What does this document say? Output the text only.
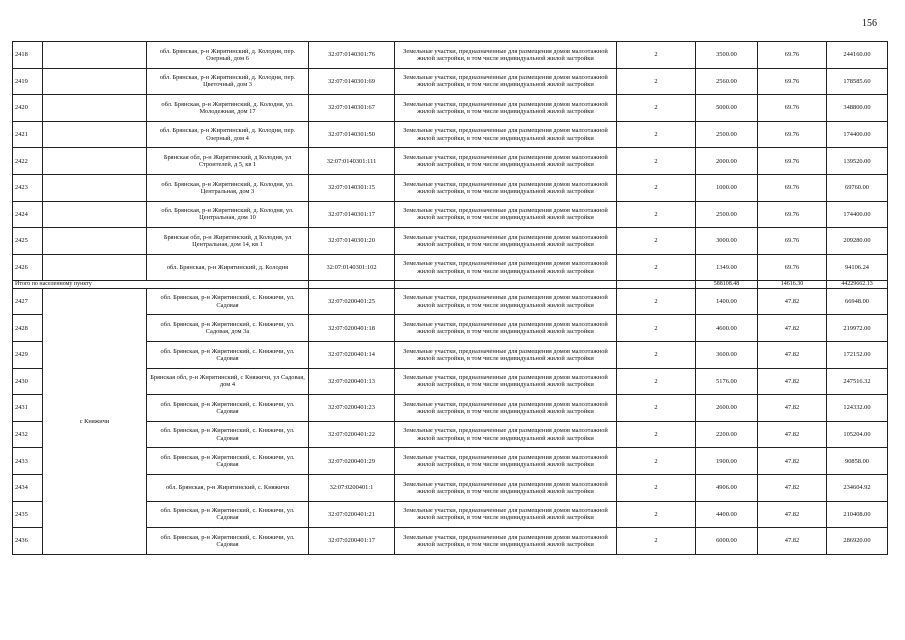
156
2418		обл. Брянская, р-н Жирятинский, д. Колодня, пер. Озерный, дом 6	32:07:0140301:76	Земельные участки, предназначенные для размещения домов малоэтажной жилой застройки, в том числе индивидуальной жилой застройки	2	3500.00	69.76	244160.00
2419		обл. Брянская, р-н Жирятинский, д. Колодня, пер. Цветочный, дом 3	32:07:0140301:69	Земельные участки, предназначенные для размещения домов малоэтажной жилой застройки, в том числе индивидуальной жилой застройки	2	2560.00	69.76	178585.60
2420		обл. Брянская, р-н Жирятинский, д. Колодня, ул. Молодежная, дом 17	32:07:0140301:67	Земельные участки, предназначенные для размещения домов малоэтажной жилой застройки, в том числе индивидуальной жилой застройки	2	5000.00	69.76	348800.00
2421		обл. Брянская, р-н Жирятинский, д. Колодня, пер. Озерный, дом 4	32:07:0140301:50	Земельные участки, предназначенные для размещения домов малоэтажной жилой застройки, в том числе индивидуальной жилой застройки	2	2500.00	69.76	174400.00
2422		Брянская обл, р-н Жирятинский, д Колодня, ул Строителей, д 5, кв 1	32:07:0140301:111	Земельные участки, предназначенные для размещения домов малоэтажной жилой застройки, в том числе индивидуальной жилой застройки	2	2000.00	69.76	139520.00
2423		обл. Брянская, р-н Жирятинский, д. Колодня, ул. Центральная, дом 3	32:07:0140301:15	Земельные участки, предназначенные для размещения домов малоэтажной жилой застройки, в том числе индивидуальной жилой застройки	2	1000.00	69.76	69760.00
2424		обл. Брянская, р-н Жирятинский, д. Колодня, ул. Центральная, дом 10	32:07:0140301:17	Земельные участки, предназначенные для размещения домов малоэтажной жилой застройки, в том числе индивидуальной жилой застройки	2	2500.00	69.76	174400.00
2425		Брянская обл, р-н Жирятинский, д Колодня, ул Центральная, дом 14, кв 1	32:07:0140301:20	Земельные участки, предназначенные для размещения домов малоэтажной жилой застройки, в том числе индивидуальной жилой застройки	2	3000.00	69.76	209280.00
2426		обл. Брянская, р-н Жирятинский, д. Колодня	32:07:0140301:102	Земельные участки, предназначенные для размещения домов малоэтажной жилой застройки, в том числе индивидуальной жилой застройки	2	1349.00	69.76	94106.24
Итого по населенному пункту						588108.48	14616.30	44229662.13
2427	с Княжичи	обл. Брянская, р-н Жирятинский, с. Княжичи, ул. Садовая	32:07:0200401:25	Земельные участки, предназначенные для размещения домов малоэтажной жилой застройки, в том числе индивидуальной жилой застройки	2	1400.00	47.82	66948.00
2428		обл. Брянская, р-н Жирятинский, с. Княжичи, ул. Садовая, дом 3а	32:07:0200401:18	Земельные участки, предназначенные для размещения домов малоэтажной жилой застройки, в том числе индивидуальной жилой застройки	2	4600.00	47.82	219972.00
2429		обл. Брянская, р-н Жирятинский, с. Княжичи, ул. Садовая	32:07:0200401:14	Земельные участки, предназначенные для размещения домов малоэтажной жилой застройки, в том числе индивидуальной жилой застройки	2	3600.00	47.82	172152.00
2430		Брянская обл, р-н Жирятинский, с Княжичи, ул Садовая, дом 4	32:07:0200401:13	Земельные участки, предназначенные для размещения домов малоэтажной жилой застройки, в том числе индивидуальной жилой застройки	2	5176.00	47.82	247516.32
2431		обл. Брянская, р-н Жирятинский, с. Княжичи, ул. Садовая	32:07:0200401:23	Земельные участки, предназначенные для размещения домов малоэтажной жилой застройки, в том числе индивидуальной жилой застройки	2	2600.00	47.82	124332.00
2432		обл. Брянская, р-н Жирятинский, с. Княжичи, ул. Садовая	32:07:0200401:22	Земельные участки, предназначенные для размещения домов малоэтажной жилой застройки, в том числе индивидуальной жилой застройки	2	2200.00	47.82	105204.00
2433		обл. Брянская, р-н Жирятинский, с. Княжичи, ул. Садовая	32:07:0200401:29	Земельные участки, предназначенные для размещения домов малоэтажной жилой застройки, в том числе индивидуальной жилой застройки	2	1900.00	47.82	90858.00
2434		обл. Брянская, р-н Жирятинский, с. Княжичи	32:07:0200401:1	Земельные участки, предназначенные для размещения домов малоэтажной жилой застройки, в том числе индивидуальной жилой застройки	2	4906.00	47.82	234604.92
2435		обл. Брянская, р-н Жирятинский, с. Княжичи, ул. Садовая	32:07:0200401:21	Земельные участки, предназначенные для размещения домов малоэтажной жилой застройки, в том числе индивидуальной жилой застройки	2	4400.00	47.82	210408.00
2436		обл. Брянская, р-н Жирятинский, с. Княжичи, ул. Садовая	32:07:0200401:17	Земельные участки, предназначенные для размещения домов малоэтажной жилой застройки, в том числе индивидуальной жилой застройки	2	6000.00	47.82	286920.00
